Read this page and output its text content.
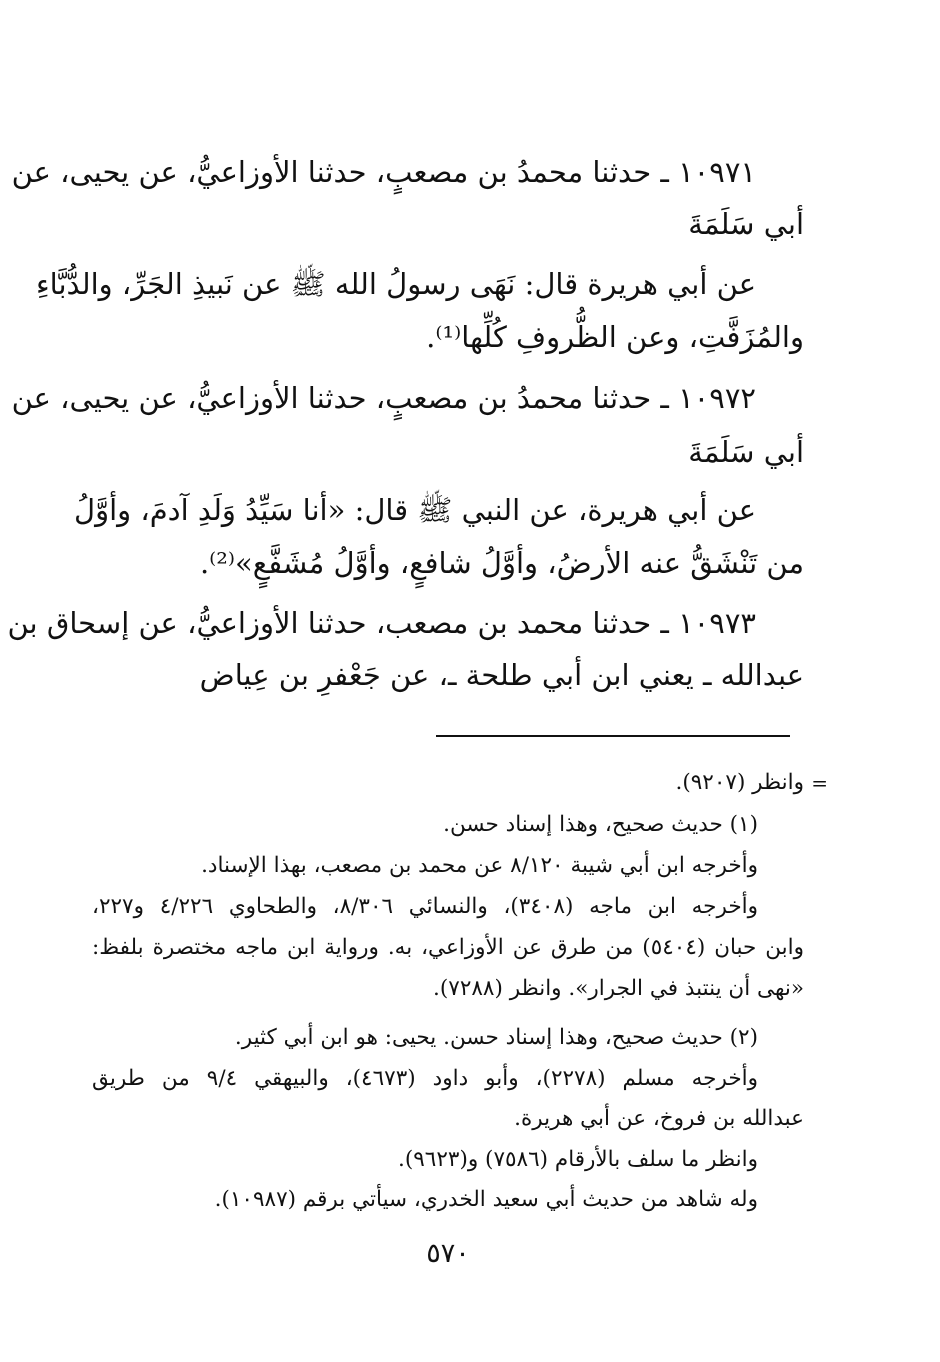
١٠٩٧١ ـ حدثنا محمدُ بن مصعبٍ، حدثنا الأوزاعيُّ، عن يحيى، عن
أبي سَلَمَةَ
عن أبي هريرة قال: نَهَى رسولُ الله ﷺ عن نَبيذِ الجَرِّ، والدُّبَّاءِ
والمُزَفَّتِ، وعن الظُّروفِ كُلِّها⁽¹⁾.
١٠٩٧٢ ـ حدثنا محمدُ بن مصعبٍ، حدثنا الأوزاعيُّ، عن يحيى، عن
أبي سَلَمَةَ
عن أبي هريرة، عن النبي ﷺ قال: «أنا سَيِّدُ وَلَدِ آدمَ، وأوَّلُ
من تَنْشَقُّ عنه الأرضُ، وأوَّلُ شافعٍ، وأوَّلُ مُشَفَّعٍ»⁽²⁾.
١٠٩٧٣ ـ حدثنا محمد بن مصعب، حدثنا الأوزاعيُّ، عن إسحاق بن
عبدالله ـ يعني ابن أبي طلحة ـ، عن جَعْفرِ بن عِياض
=
وانظر (٩٢٠٧).
(١) حديث صحيح، وهذا إسناد حسن.
وأخرجه ابن أبي شيبة ٨/١٢٠ عن محمد بن مصعب، بهذا الإسناد.
وأخرجه ابن ماجه (٣٤٠٨)، والنسائي ٨/٣٠٦، والطحاوي ٤/٢٢٦ و٢٢٧،
وابن حبان (٥٤٠٤) من طرق عن الأوزاعي، به. ورواية ابن ماجه مختصرة بلفظ:
«نهى أن ينتبذ في الجرار». وانظر (٧٢٨٨).
(٢) حديث صحيح، وهذا إسناد حسن. يحيى: هو ابن أبي كثير.
وأخرجه مسلم (٢٢٧٨)، وأبو داود (٤٦٧٣)، والبيهقي ٩/٤ من طريق
عبدالله بن فروخ، عن أبي هريرة.
وانظر ما سلف بالأرقام (٧٥٨٦) و(٩٦٢٣).
وله شاهد من حديث أبي سعيد الخدري، سيأتي برقم (١٠٩٨٧).
٥٧٠
